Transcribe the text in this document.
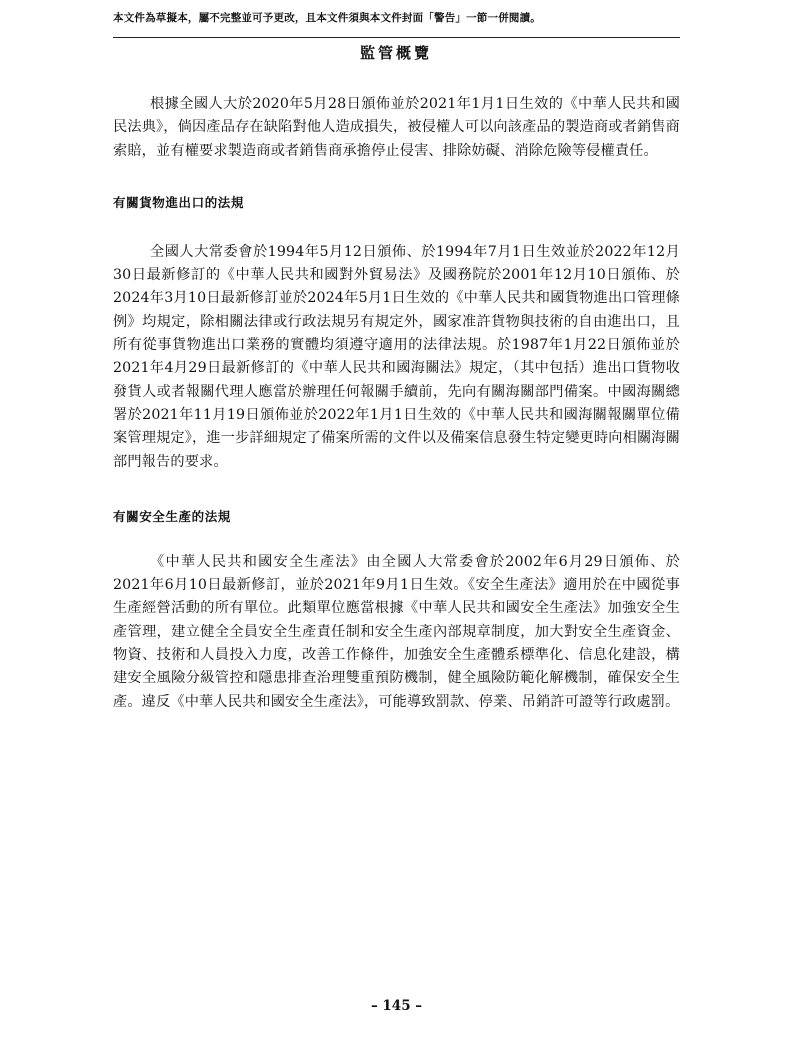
本文件為草擬本，屬不完整並可予更改，且本文件須與本文件封面「警告」一節一併閱讀。
監管概覽

根據全國人大於2020年5月28日頒佈並於2021年1月1日生效的《中華人民共和國民法典》，倘因產品存在缺陷對他人造成損失，被侵權人可以向該產品的製造商或者銷售商索賠，並有權要求製造商或者銷售商承擔停止侵害、排除妨礙、消除危險等侵權責任。

有關貨物進出口的法規

全國人大常委會於1994年5月12日頒佈、於1994年7月1日生效並於2022年12月30日最新修訂的《中華人民共和國對外貿易法》及國務院於2001年12月10日頒佈、於2024年3月10日最新修訂並於2024年5月1日生效的《中華人民共和國貨物進出口管理條例》均規定，除相關法律或行政法規另有規定外，國家准許貨物與技術的自由進出口，且所有從事貨物進出口業務的實體均須遵守適用的法律法規。於1987年1月22日頒佈並於2021年4月29日最新修訂的《中華人民共和國海關法》規定，（其中包括）進出口貨物收發貨人或者報關代理人應當於辦理任何報關手續前，先向有關海關部門備案。中國海關總署於2021年11月19日頒佈並於2022年1月1日生效的《中華人民共和國海關報關單位備案管理規定》，進一步詳細規定了備案所需的文件以及備案信息發生特定變更時向相關海關部門報告的要求。

有關安全生產的法規

《中華人民共和國安全生產法》由全國人大常委會於2002年6月29日頒佈、於2021年6月10日最新修訂，並於2021年9月1日生效。《安全生產法》適用於在中國從事生產經營活動的所有單位。此類單位應當根據《中華人民共和國安全生產法》加強安全生產管理，建立健全全員安全生產責任制和安全生產內部規章制度，加大對安全生產資金、物資、技術和人員投入力度，改善工作條件，加強安全生產體系標準化、信息化建設，構建安全風險分級管控和隱患排查治理雙重預防機制，健全風險防範化解機制，確保安全生產。違反《中華人民共和國安全生產法》，可能導致罰款、停業、吊銷許可證等行政處罰。

– 145 –
